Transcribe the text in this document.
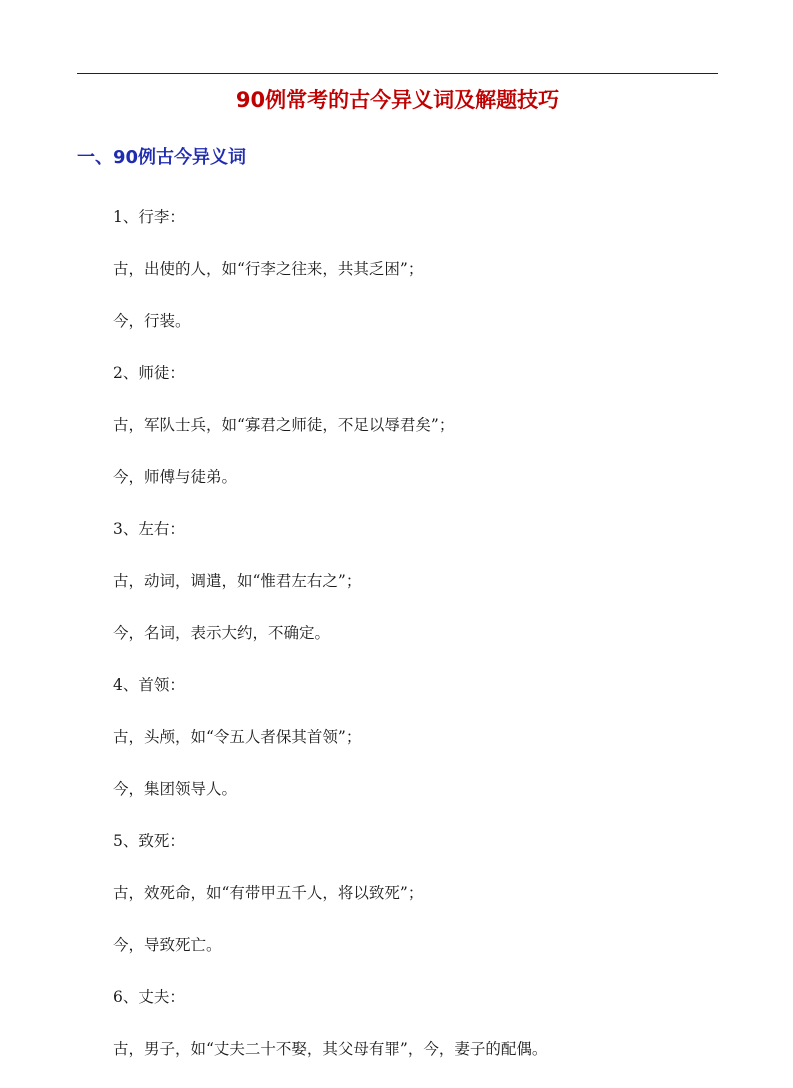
90例常考的古今异义词及解题技巧
一、90例古今异义词
1、行李：
古，出使的人，如“行李之往来，共其乏困”；
今，行装。
2、师徒：
古，军队士兵，如“寡君之师徒，不足以辱君矣”；
今，师傅与徒弟。
3、左右：
古，动词，调遣，如“惟君左右之”；
今，名词，表示大约，不确定。
4、首领：
古，头颅，如“令五人者保其首领”；
今，集团领导人。
5、致死：
古，效死命，如“有带甲五千人，将以致死”；
今，导致死亡。
6、丈夫：
古，男子，如“丈夫二十不娶，其父母有罪”，今，妻子的配偶。
